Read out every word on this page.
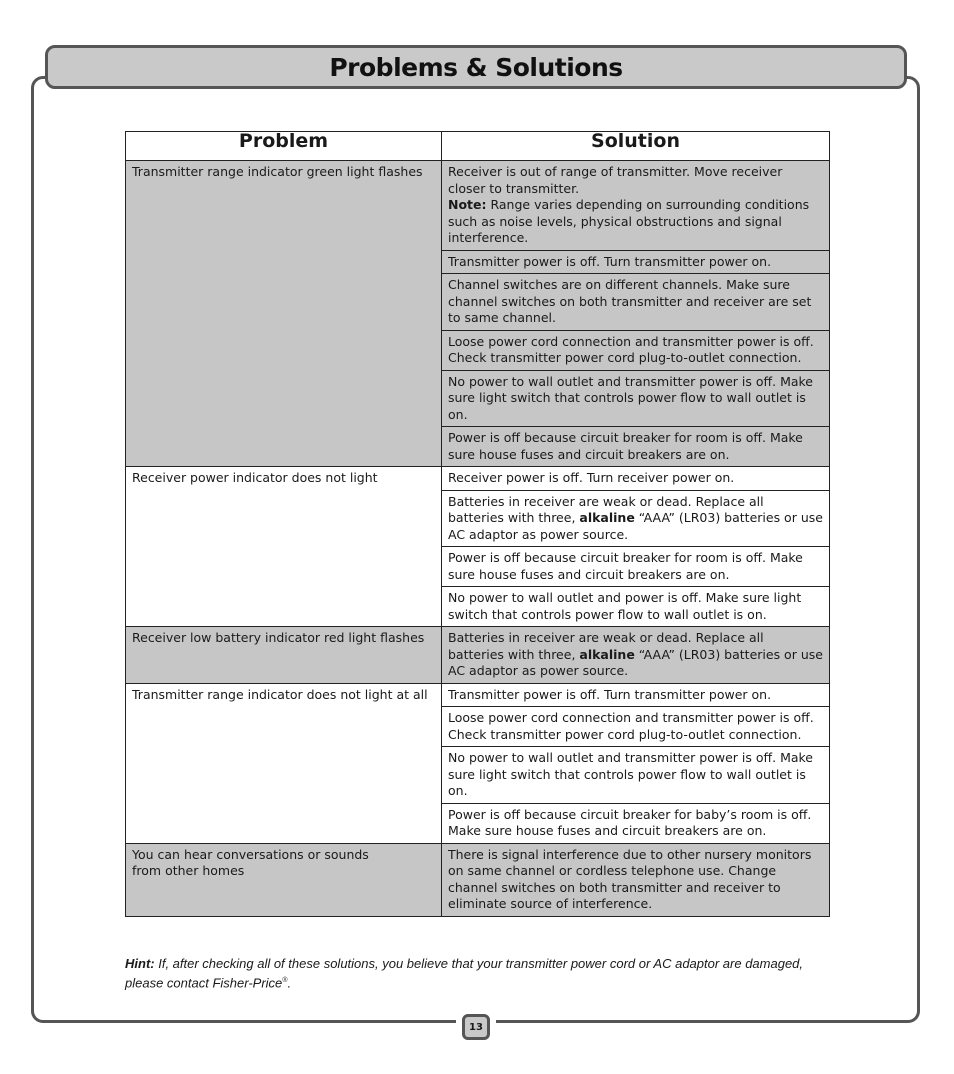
Problems & Solutions
Problem	Solution
Transmitter range indicator green light flashes	Receiver is out of range of transmitter. Move receiver closer to transmitter.
Note: Range varies depending on surrounding conditions such as noise levels, physical obstructions and signal interference.
	Transmitter power is off. Turn transmitter power on.
	Channel switches are on different channels. Make sure channel switches on both transmitter and receiver are set to same channel.
	Loose power cord connection and transmitter power is off. Check transmitter power cord plug-to-outlet connection.
	No power to wall outlet and transmitter power is off. Make sure light switch that controls power flow to wall outlet is on.
	Power is off because circuit breaker for room is off. Make sure house fuses and circuit breakers are on.
Receiver power indicator does not light	Receiver power is off. Turn receiver power on.
	Batteries in receiver are weak or dead. Replace all batteries with three, alkaline “AAA” (LR03) batteries or use AC adaptor as power source.
	Power is off because circuit breaker for room is off. Make sure house fuses and circuit breakers are on.
	No power to wall outlet and power is off. Make sure light switch that controls power flow to wall outlet is on.
Receiver low battery indicator red light flashes	Batteries in receiver are weak or dead. Replace all batteries with three, alkaline “AAA” (LR03) batteries or use AC adaptor as power source.
Transmitter range indicator does not light at all	Transmitter power is off. Turn transmitter power on.
	Loose power cord connection and transmitter power is off. Check transmitter power cord plug-to-outlet connection.
	No power to wall outlet and transmitter power is off. Make sure light switch that controls power flow to wall outlet is on.
	Power is off because circuit breaker for baby’s room is off. Make sure house fuses and circuit breakers are on.
You can hear conversations or sounds
from other homes	There is signal interference due to other nursery monitors on same channel or cordless telephone use. Change channel switches on both transmitter and receiver to eliminate source of interference.
Hint: If, after checking all of these solutions, you believe that your transmitter power cord or AC adaptor are damaged, please contact Fisher-Price®.
13
